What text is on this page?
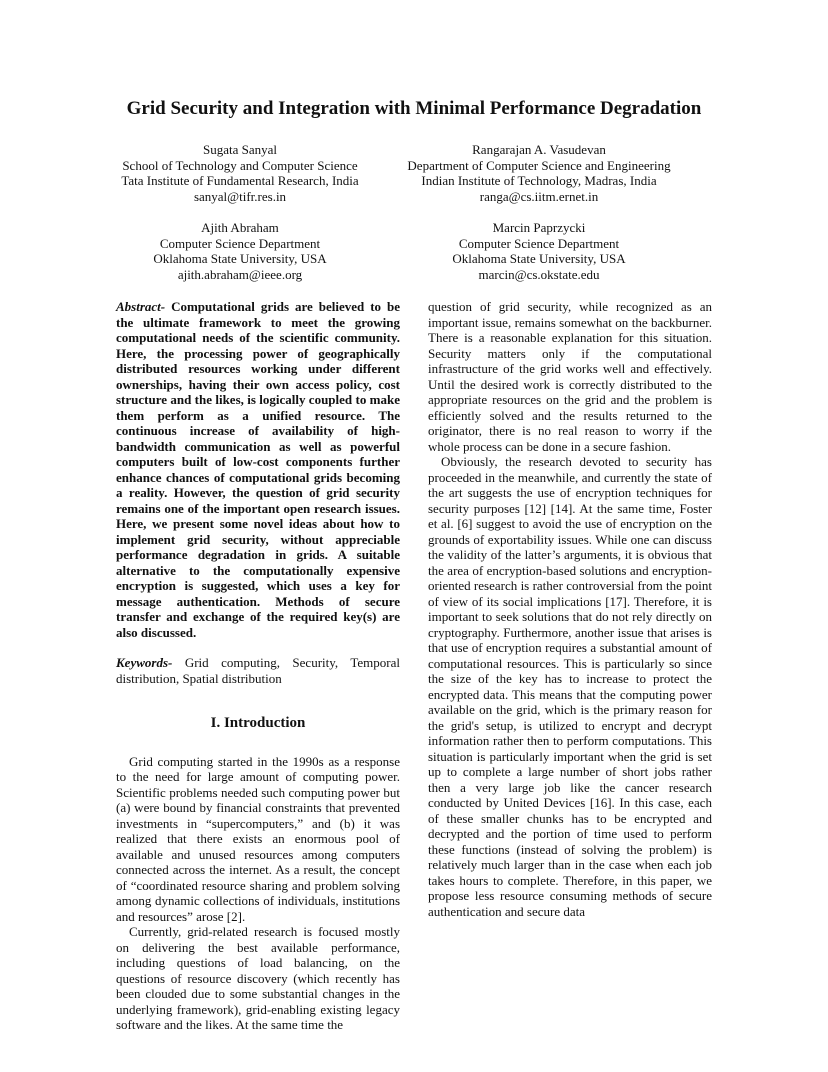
Grid Security and Integration with Minimal Performance Degradation
Sugata Sanyal
School of Technology and Computer Science
Tata Institute of Fundamental Research, India
sanyal@tifr.res.in
Rangarajan A. Vasudevan
Department of Computer Science and Engineering
Indian Institute of Technology, Madras, India
ranga@cs.iitm.ernet.in
Ajith Abraham
Computer Science Department
Oklahoma State University, USA
ajith.abraham@ieee.org
Marcin Paprzycki
Computer Science Department
Oklahoma State University, USA
marcin@cs.okstate.edu

Abstract- Computational grids are believed to be the ultimate framework to meet the growing computational needs of the scientific community. Here, the processing power of geographically distributed resources working under different ownerships, having their own access policy, cost structure and the likes, is logically coupled to make them perform as a unified resource. The continuous increase of availability of high-bandwidth communication as well as powerful computers built of low-cost components further enhance chances of computational grids becoming a reality. However, the question of grid security remains one of the important open research issues. Here, we present some novel ideas about how to implement grid security, without appreciable performance degradation in grids. A suitable alternative to the computationally expensive encryption is suggested, which uses a key for message authentication. Methods of secure transfer and exchange of the required key(s) are also discussed.

Keywords- Grid computing, Security, Temporal distribution, Spatial distribution

I. Introduction

Grid computing started in the 1990s as a response to the need for large amount of computing power. Scientific problems needed such computing power but (a) were bound by financial constraints that prevented investments in “supercomputers,” and (b) it was realized that there exists an enormous pool of available and unused resources among computers connected across the internet. As a result, the concept of “coordinated resource sharing and problem solving among dynamic collections of individuals, institutions and resources” arose [2].

Currently, grid-related research is focused mostly on delivering the best available performance, including questions of load balancing, on the questions of resource discovery (which recently has been clouded due to some substantial changes in the underlying framework), grid-enabling existing legacy software and the likes. At the same time the

question of grid security, while recognized as an important issue, remains somewhat on the backburner. There is a reasonable explanation for this situation. Security matters only if the computational infrastructure of the grid works well and effectively. Until the desired work is correctly distributed to the appropriate resources on the grid and the problem is efficiently solved and the results returned to the originator, there is no real reason to worry if the whole process can be done in a secure fashion.

Obviously, the research devoted to security has proceeded in the meanwhile, and currently the state of the art suggests the use of encryption techniques for security purposes [12] [14]. At the same time, Foster et al. [6] suggest to avoid the use of encryption on the grounds of exportability issues. While one can discuss the validity of the latter’s arguments, it is obvious that the area of encryption-based solutions and encryption-oriented research is rather controversial from the point of view of its social implications [17]. Therefore, it is important to seek solutions that do not rely directly on cryptography. Furthermore, another issue that arises is that use of encryption requires a substantial amount of computational resources. This is particularly so since the size of the key has to increase to protect the encrypted data. This means that the computing power available on the grid, which is the primary reason for the grid's setup, is utilized to encrypt and decrypt information rather then to perform computations. This situation is particularly important when the grid is set up to complete a large number of short jobs rather then a very large job like the cancer research conducted by United Devices [16]. In this case, each of these smaller chunks has to be encrypted and decrypted and the portion of time used to perform these functions (instead of solving the problem) is relatively much larger than in the case when each job takes hours to complete. Therefore, in this paper, we propose less resource consuming methods of secure authentication and secure data
